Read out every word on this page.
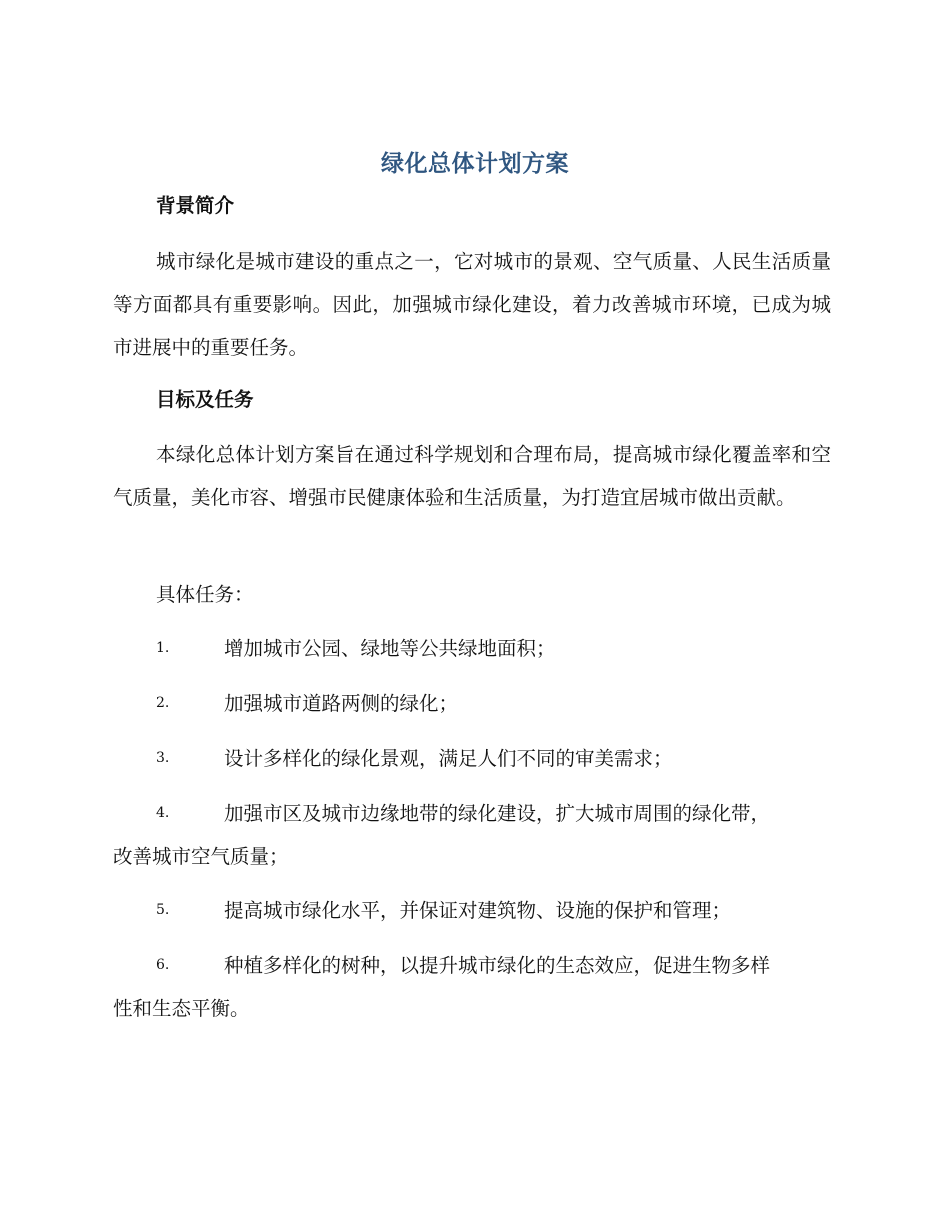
绿化总体计划方案
背景简介
城市绿化是城市建设的重点之一，它对城市的景观、空气质量、人民生活质量等方面都具有重要影响。因此，加强城市绿化建设，着力改善城市环境，已成为城市进展中的重要任务。
目标及任务
本绿化总体计划方案旨在通过科学规划和合理布局，提高城市绿化覆盖率和空气质量，美化市容、增强市民健康体验和生活质量，为打造宜居城市做出贡献。
具体任务：
1.	增加城市公园、绿地等公共绿地面积；
2.	加强城市道路两侧的绿化；
3.	设计多样化的绿化景观，满足人们不同的审美需求；
4.	加强市区及城市边缘地带的绿化建设，扩大城市周围的绿化带，
改善城市空气质量；
5.	提高城市绿化水平，并保证对建筑物、设施的保护和管理；
6.	种植多样化的树种，以提升城市绿化的生态效应，促进生物多样
性和生态平衡。
